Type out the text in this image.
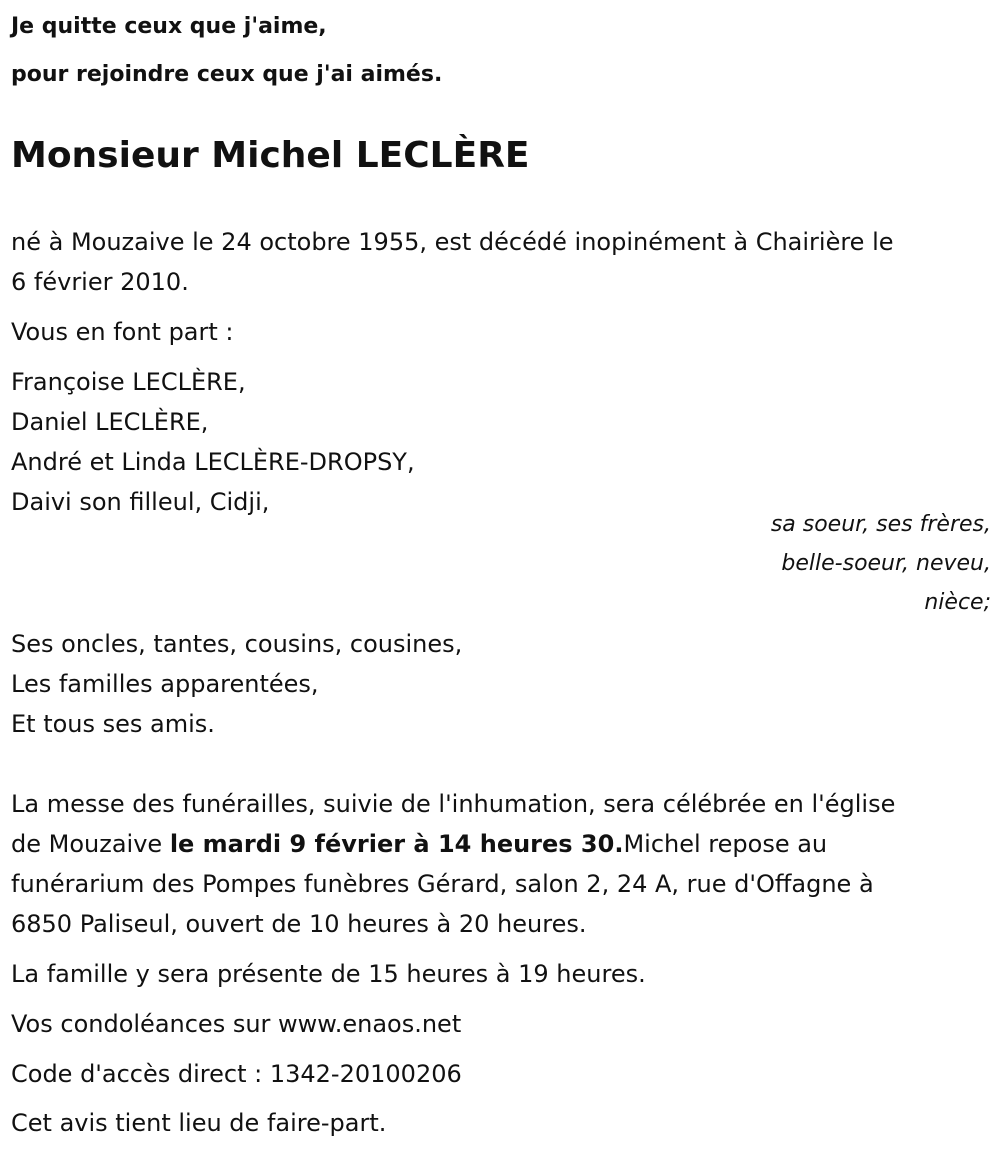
Je quitte ceux que j'aime,

pour rejoindre ceux que j'ai aimés.

Monsieur Michel LECLÈRE

né à Mouzaive le 24 octobre 1955, est décédé inopinément à Chairière le

6 février 2010.

Vous en font part :

Françoise LECLÈRE,

Daniel LECLÈRE,

André et Linda LECLÈRE-DROPSY,

Daivi son filleul, Cidji,

sa soeur, ses frères,
belle-soeur, neveu,
nièce;

Ses oncles, tantes, cousins, cousines,

Les familles apparentées,

Et tous ses amis.

La messe des funérailles, suivie de l'inhumation, sera célébrée en l'église

de Mouzaive le mardi 9 février à 14 heures 30.Michel repose au

funérarium des Pompes funèbres Gérard, salon 2, 24 A, rue d'Offagne à

6850 Paliseul, ouvert de 10 heures à 20 heures.

La famille y sera présente de 15 heures à 19 heures.

Vos condoléances sur www.enaos.net

Code d'accès direct : 1342-20100206

Cet avis tient lieu de faire-part.
